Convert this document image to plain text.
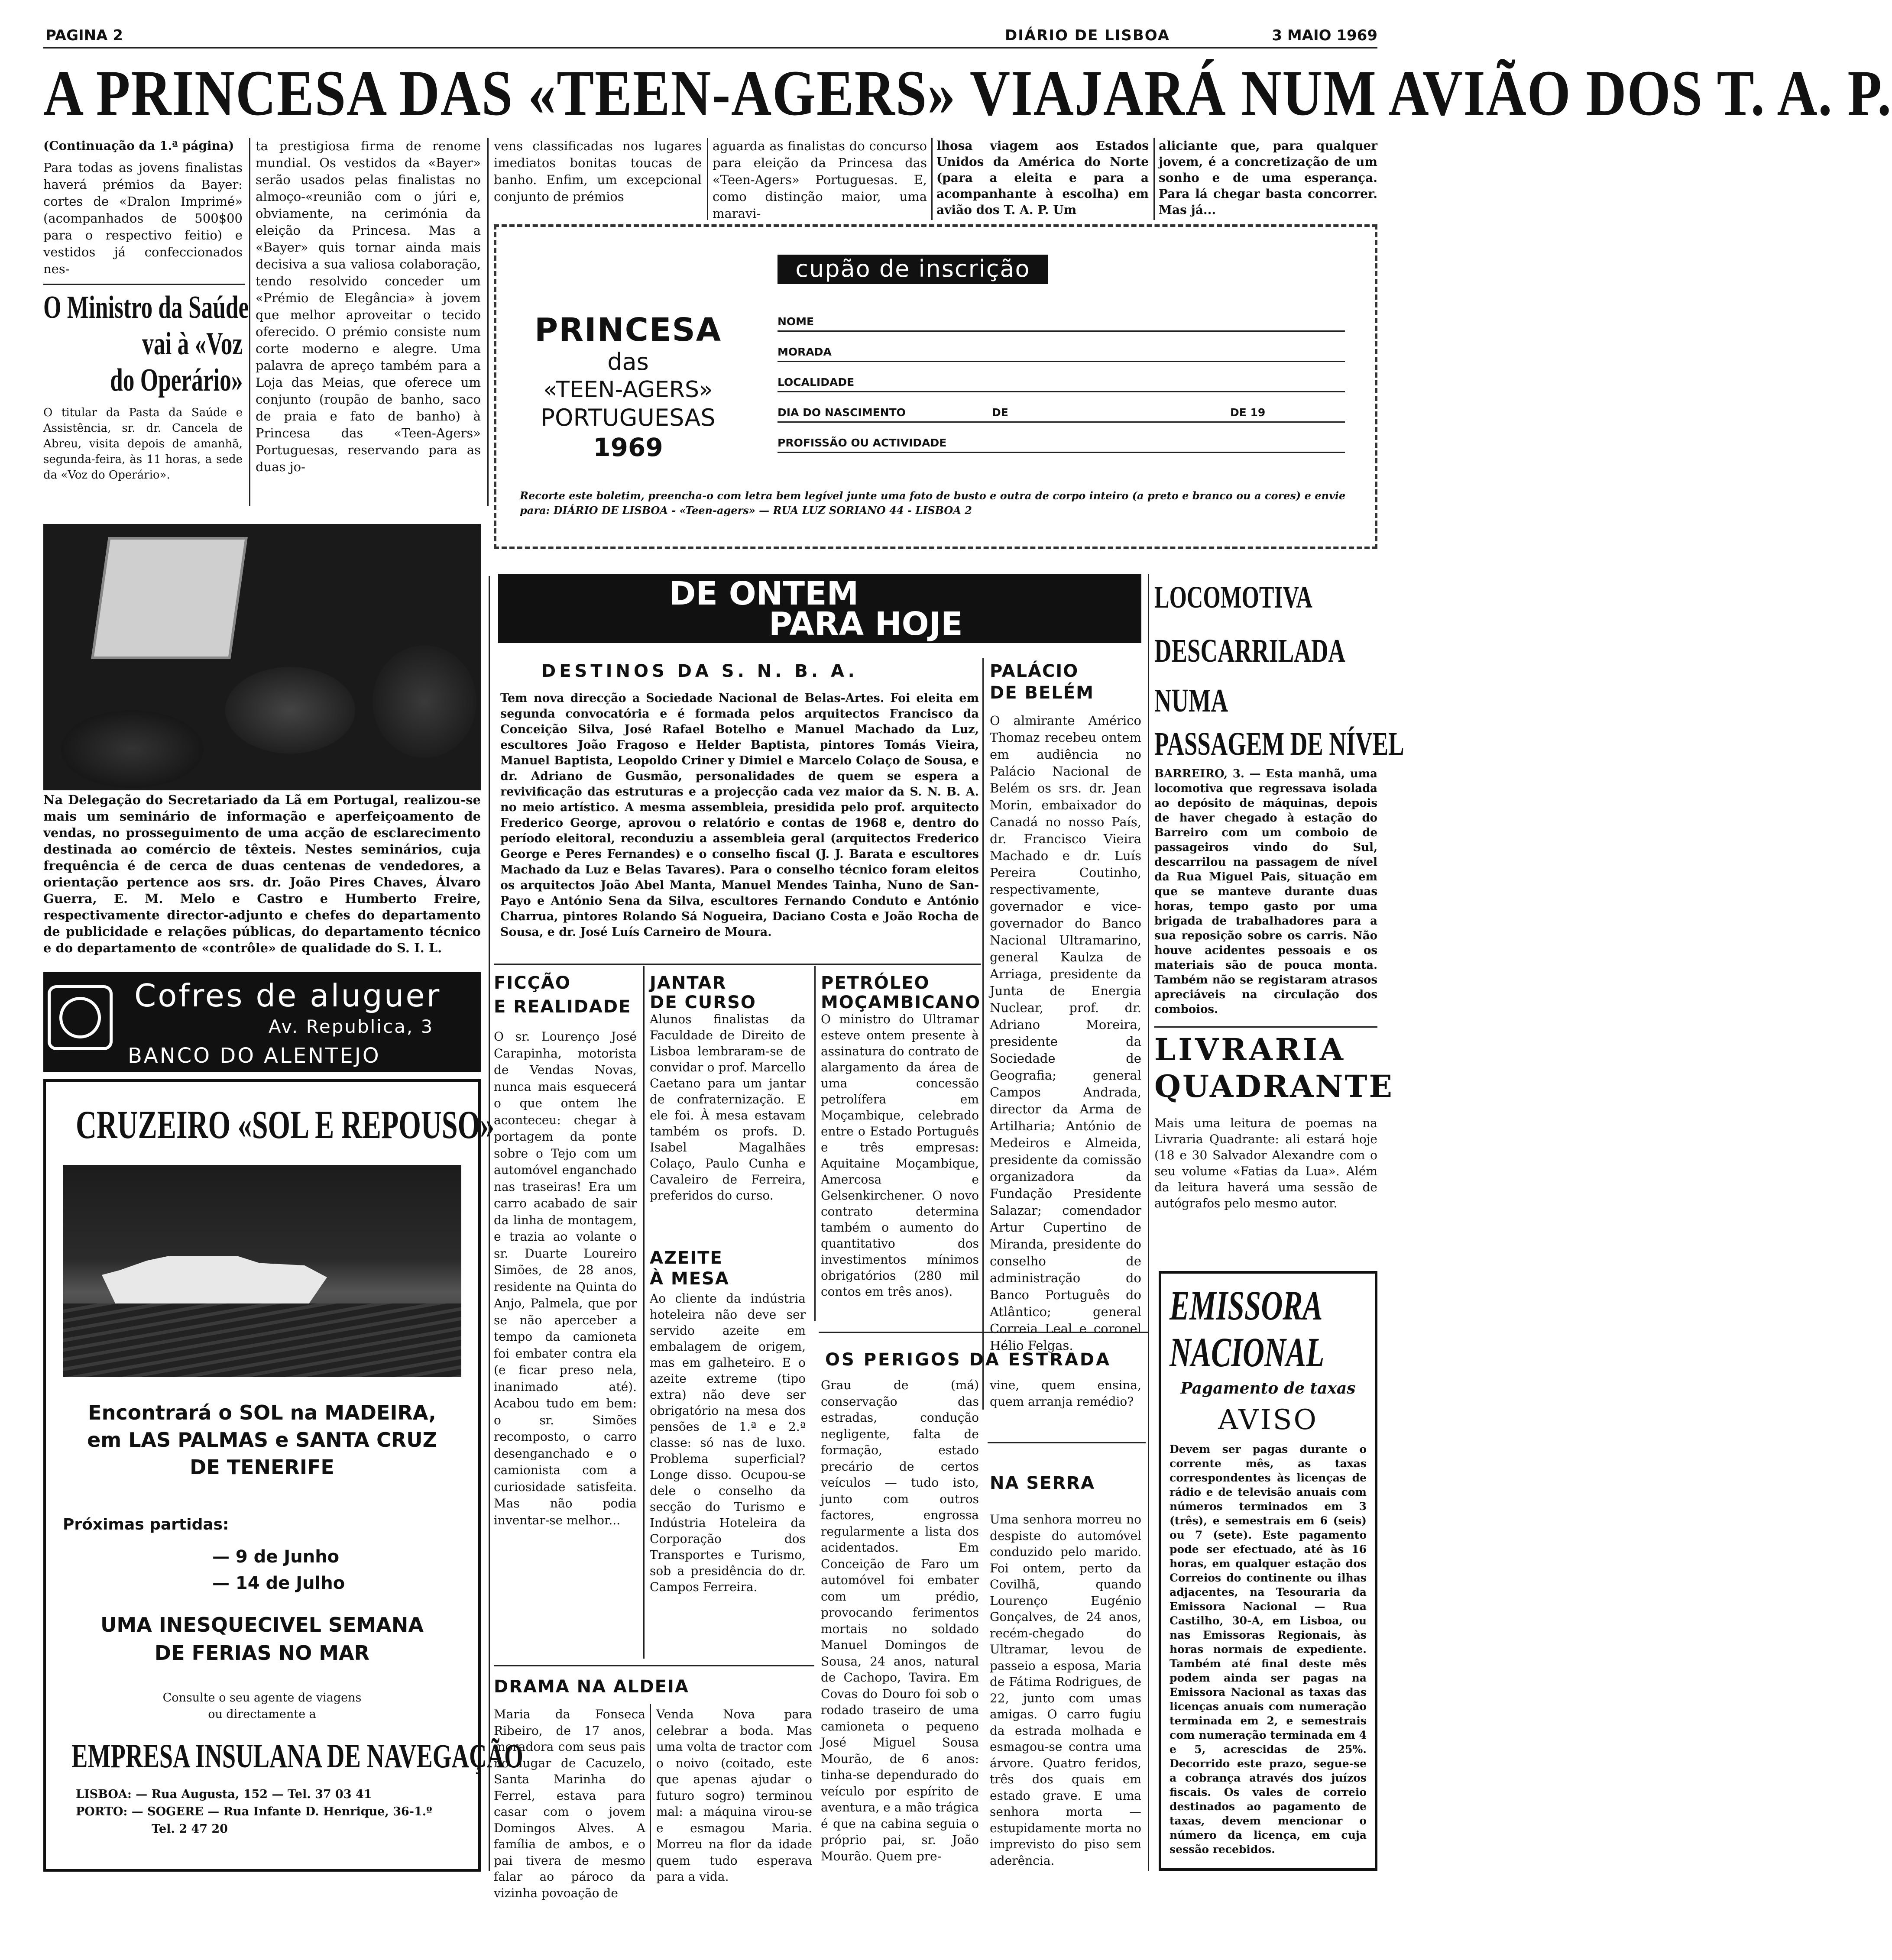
PAGINA 2	DIÁRIO DE LISBOA	3 MAIO 1969
A PRINCESA DAS «TEEN-AGERS» VIAJARÁ NUM AVIÃO DOS T. A. P.
(Continuação da 1.ª página)
Para todas as jovens finalistas haverá prémios da Bayer: cortes de «Dralon Imprimé» (acompanhados de 500$00 para o respectivo feitio) e vestidos já confeccionados nes-
ta prestigiosa firma de renome mundial. Os vestidos da «Bayer» serão usados pelas finalistas no almoço-«reunião com o júri e, obviamente, na cerimónia da eleição da Princesa. Mas a «Bayer» quis tornar ainda mais decisiva a sua valiosa colaboração, tendo resolvido conceder um «Prémio de Elegância» à jovem que melhor aproveitar o tecido oferecido. O prémio consiste num corte moderno e alegre. Uma palavra de apreço também para a Loja das Meias, que oferece um conjunto (roupão de banho, saco de praia e fato de banho) à Princesa das «Teen-Agers» Portuguesas, reservando para as duas jo-
vens classificadas nos lugares imediatos bonitas toucas de banho. Enfim, um excepcional conjunto de prémios
aguarda as finalistas do concurso para eleição da Princesa das «Teen-Agers» Portuguesas. E, como distinção maior, uma maravi-
lhosa viagem aos Estados Unidos da América do Norte (para a eleita e para a acompanhante à escolha) em avião dos T. A. P. Um
aliciante que, para qualquer jovem, é a concretização de um sonho e de uma esperança. Para lá chegar basta concorrer. Mas já...
O Ministro da Saúde
vai à «Voz
do Operário»
O titular da Pasta da Saúde e Assistência, sr. dr. Cancela de Abreu, visita depois de amanhã, segunda-feira, às 11 horas, a sede da «Voz do Operário».
cupão de inscrição
PRINCESA
das
«TEEN-AGERS»
PORTUGUESAS
1969
NOME
MORADA
LOCALIDADE
DIA DO NASCIMENTO	DE	DE 19
PROFISSÃO OU ACTIVIDADE
Recorte este boletim, preencha-o com letra bem legível junte uma foto de busto e outra de corpo inteiro (a preto e branco ou a cores) e envie para: DIÁRIO DE LISBOA - «Teen-agers» — RUA LUZ SORIANO 44 - LISBOA 2
Na Delegação do Secretariado da Lã em Portugal, realizou-se mais um seminário de informação e aperfeiçoamento de vendas, no prosseguimento de uma acção de esclarecimento destinada ao comércio de têxteis. Nestes seminários, cuja frequência é de cerca de duas centenas de vendedores, a orientação pertence aos srs. dr. João Pires Chaves, Álvaro Guerra, E. M. Melo e Castro e Humberto Freire, respectivamente director-adjunto e chefes do departamento de publicidade e relações públicas, do departamento técnico e do departamento de «contrôle» de qualidade do S. I. L.
Cofres de aluguer
Av. Republica, 3
BANCO DO ALENTEJO
CRUZEIRO «SOL E REPOUSO»
Encontrará o SOL na MADEIRA,
em LAS PALMAS e SANTA CRUZ
DE TENERIFE
Próximas partidas:
— 9 de Junho
— 14 de Julho
UMA INESQUECIVEL SEMANA
DE FERIAS NO MAR
Consulte o seu agente de viagens
ou directamente a
EMPRESA INSULANA DE NAVEGAÇÃO
LISBOA: — Rua Augusta, 152 — Tel. 37 03 41
PORTO: — SOGERE — Rua Infante D. Henrique, 36-1.º
Tel. 2 47 20
DE ONTEM
PARA HOJE
DESTINOS DA S. N. B. A.
Tem nova direcção a Sociedade Nacional de Belas-Artes. Foi eleita em segunda convocatória e é formada pelos arquitectos Francisco da Conceição Silva, José Rafael Botelho e Manuel Machado da Luz, escultores João Fragoso e Helder Baptista, pintores Tomás Vieira, Manuel Baptista, Leopoldo Criner y Dimiel e Marcelo Colaço de Sousa, e dr. Adriano de Gusmão, personalidades de quem se espera a revivificação das estruturas e a projecção cada vez maior da S. N. B. A. no meio artístico. A mesma assembleia, presidida pelo prof. arquitecto Frederico George, aprovou o relatório e contas de 1968 e, dentro do período eleitoral, reconduziu a assembleia geral (arquitectos Frederico George e Peres Fernandes) e o conselho fiscal (J. J. Barata e escultores Machado da Luz e Belas Tavares). Para o conselho técnico foram eleitos os arquitectos João Abel Manta, Manuel Mendes Tainha, Nuno de San-Payo e António Sena da Silva, escultores Fernando Conduto e António Charrua, pintores Rolando Sá Nogueira, Daciano Costa e João Rocha de Sousa, e dr. José Luís Carneiro de Moura.
PALÁCIO
DE BELÉM
O almirante Américo Thomaz recebeu ontem em audiência no Palácio Nacional de Belém os srs. dr. Jean Morin, embaixador do Canadá no nosso País, dr. Francisco Vieira Machado e dr. Luís Pereira Coutinho, respectivamente, governador e vice-governador do Banco Nacional Ultramarino, general Kaulza de Arriaga, presidente da Junta de Energia Nuclear, prof. dr. Adriano Moreira, presidente da Sociedade de Geografia; general Campos Andrada, director da Arma de Artilharia; António de Medeiros e Almeida, presidente da comissão organizadora da Fundação Presidente Salazar; comendador Artur Cupertino de Miranda, presidente do conselho de administração do Banco Português do Atlântico; general Correia Leal e coronel Hélio Felgas.
LOCOMOTIVA
DESCARRILADA
NUMA
PASSAGEM DE NÍVEL
BARREIRO, 3. — Esta manhã, uma locomotiva que regressava isolada ao depósito de máquinas, depois de haver chegado à estação do Barreiro com um comboio de passageiros vindo do Sul, descarrilou na passagem de nível da Rua Miguel Pais, situação em que se manteve durante duas horas, tempo gasto por uma brigada de trabalhadores para a sua reposição sobre os carris. Não houve acidentes pessoais e os materiais são de pouca monta. Também não se registaram atrasos apreciáveis na circulação dos comboios.
LIVRARIA
QUADRANTE
Mais uma leitura de poemas na Livraria Quadrante: ali estará hoje (18 e 30 Salvador Alexandre com o seu volume «Fatias da Lua». Além da leitura haverá uma sessão de autógrafos pelo mesmo autor.
EMISSORA
NACIONAL
Pagamento de taxas
AVISO
Devem ser pagas durante o corrente mês, as taxas correspondentes às licenças de rádio e de televisão anuais com números terminados em 3 (três), e semestrais em 6 (seis) ou 7 (sete). Este pagamento pode ser efectuado, até às 16 horas, em qualquer estação dos Correios do continente ou ilhas adjacentes, na Tesouraria da Emissora Nacional — Rua Castilho, 30-A, em Lisboa, ou nas Emissoras Regionais, às horas normais de expediente. Também até final deste mês podem ainda ser pagas na Emissora Nacional as taxas das licenças anuais com numeração terminada em 2, e semestrais com numeração terminada em 4 e 5, acrescidas de 25%. Decorrido este prazo, segue-se a cobrança através dos juízos fiscais. Os vales de correio destinados ao pagamento de taxas, devem mencionar o número da licença, em cuja sessão recebidos.
FICÇÃO
E REALIDADE
O sr. Lourenço José Carapinha, motorista de Vendas Novas, nunca mais esquecerá o que ontem lhe aconteceu: chegar à portagem da ponte sobre o Tejo com um automóvel enganchado nas traseiras! Era um carro acabado de sair da linha de montagem, e trazia ao volante o sr. Duarte Loureiro Simões, de 28 anos, residente na Quinta do Anjo, Palmela, que por se não aperceber a tempo da camioneta foi embater contra ela (e ficar preso nela, inanimado até). Acabou tudo em bem: o sr. Simões recomposto, o carro desenganchado e o camionista com a curiosidade satisfeita. Mas não podia inventar-se melhor...
JANTAR
DE CURSO
Alunos finalistas da Faculdade de Direito de Lisboa lembraram-se de convidar o prof. Marcello Caetano para um jantar de confraternização. E ele foi. À mesa estavam também os profs. D. Isabel Magalhães Colaço, Paulo Cunha e Cavaleiro de Ferreira, preferidos do curso.
AZEITE
À MESA
Ao cliente da indústria hoteleira não deve ser servido azeite em embalagem de origem, mas em galheteiro. E o azeite extreme (tipo extra) não deve ser obrigatório na mesa dos pensões de 1.ª e 2.ª classe: só nas de luxo. Problema superficial? Longe disso. Ocupou-se dele o conselho da secção do Turismo e Indústria Hoteleira da Corporação dos Transportes e Turismo, sob a presidência do dr. Campos Ferreira.
PETRÓLEO
MOÇAMBICANO
O ministro do Ultramar esteve ontem presente à assinatura do contrato de alargamento da área de uma concessão petrolífera em Moçambique, celebrado entre o Estado Português e três empresas: Aquitaine Moçambique, Amercosa e Gelsenkirchener. O novo contrato determina também o aumento do quantitativo dos investimentos mínimos obrigatórios (280 mil contos em três anos).
OS PERIGOS DA ESTRADA
Grau de (má) conservação das estradas, condução negligente, falta de formação, estado precário de certos veículos — tudo isto, junto com outros factores, engrossa regularmente a lista dos acidentados. Em Conceição de Faro um automóvel foi embater com um prédio, provocando ferimentos mortais no soldado Manuel Domingos de Sousa, 24 anos, natural de Cachopo, Tavira. Em Covas do Douro foi sob o rodado traseiro de uma camioneta o pequeno José Miguel Sousa Mourão, de 6 anos: tinha-se dependurado do veículo por espírito de aventura, e a mão trágica é que na cabina seguia o próprio pai, sr. João Mourão. Quem pre-
vine, quem ensina, quem arranja remédio?
NA SERRA
Uma senhora morreu no despiste do automóvel conduzido pelo marido. Foi ontem, perto da Covilhã, quando Lourenço Eugénio Gonçalves, de 24 anos, recém-chegado do Ultramar, levou de passeio a esposa, Maria de Fátima Rodrigues, de 22, junto com umas amigas. O carro fugiu da estrada molhada e esmagou-se contra uma árvore. Quatro feridos, três dos quais em estado grave. E uma senhora morta — estupidamente morta no imprevisto do piso sem aderência.
DRAMA NA ALDEIA
Maria da Fonseca Ribeiro, de 17 anos, moradora com seus pais no lugar de Cacuzelo, Santa Marinha do Ferrel, estava para casar com o jovem Domingos Alves. A família de ambos, e o pai tivera de mesmo falar ao pároco da vizinha povoação de
Venda Nova para celebrar a boda. Mas uma volta de tractor com o noivo (coitado, este que apenas ajudar o futuro sogro) terminou mal: a máquina virou-se e esmagou Maria. Morreu na flor da idade quem tudo esperava para a vida.
